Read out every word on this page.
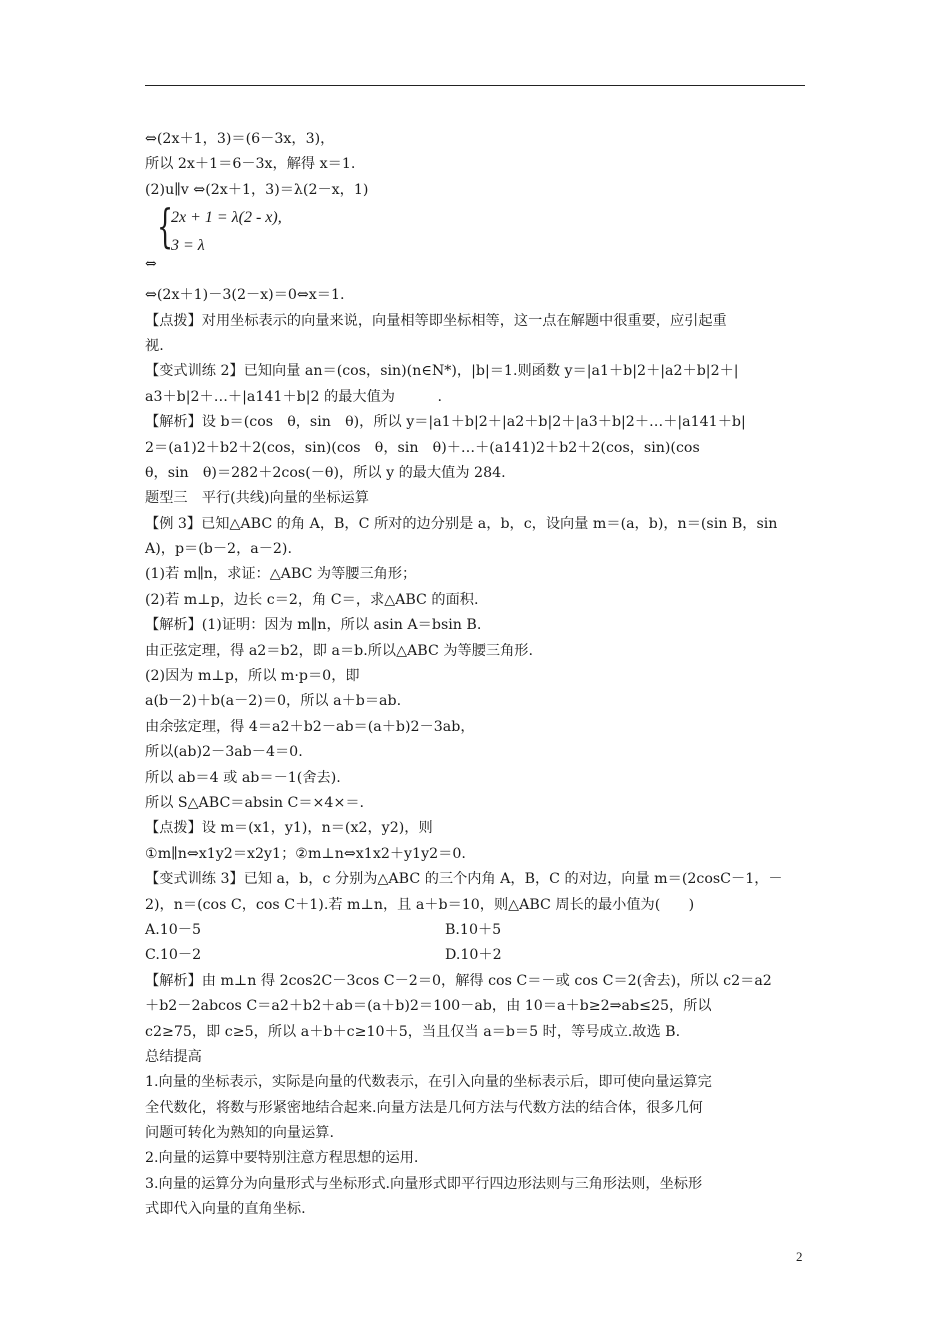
⇔(2x＋1，3)＝(6－3x，3)，

所以 2x＋1＝6－3x，解得 x＝1.

(2)u∥v ⇔(2x＋1，3)＝λ(2－x，1)

{
2x + 1 = λ(2 - x),
3 = λ
⇔

⇔(2x＋1)－3(2－x)＝0⇔x＝1.

【点拨】对用坐标表示的向量来说，向量相等即坐标相等，这一点在解题中很重要，应引起重

视.

【变式训练 2】已知向量 an＝(cos，sin)(n∈N*)，|b|＝1.则函数 y＝|a1＋b|2＋|a2＋b|2＋|

a3＋b|2＋…＋|a141＋b|2 的最大值为　　　.

【解析】设 b＝(cos　θ，sin　θ)，所以 y＝|a1＋b|2＋|a2＋b|2＋|a3＋b|2＋…＋|a141＋b|

2＝(a1)2＋b2＋2(cos，sin)(cos　θ，sin　θ)＋…＋(a141)2＋b2＋2(cos，sin)(cos

θ，sin　θ)＝282＋2cos(－θ)，所以 y 的最大值为 284.

题型三　平行(共线)向量的坐标运算

【例 3】已知△ABC 的角 A，B，C 所对的边分别是 a，b，c，设向量 m＝(a，b)，n＝(sin B，sin

A)，p＝(b－2，a－2).

(1)若 m∥n，求证：△ABC 为等腰三角形；

(2)若 m⊥p，边长 c＝2，角 C＝，求△ABC 的面积.

【解析】(1)证明：因为 m∥n，所以 asin A＝bsin B.

由正弦定理，得 a2＝b2，即 a＝b.所以△ABC 为等腰三角形.

(2)因为 m⊥p，所以 m·p＝0，即

a(b－2)＋b(a－2)＝0，所以 a＋b＝ab.

由余弦定理，得 4＝a2＋b2－ab＝(a＋b)2－3ab，

所以(ab)2－3ab－4＝0.

所以 ab＝4 或 ab＝－1(舍去).

所以 S△ABC＝absin C＝×4×＝.

【点拨】设 m＝(x1，y1)，n＝(x2，y2)，则

①m∥n⇔x1y2＝x2y1；②m⊥n⇔x1x2＋y1y2＝0.

【变式训练 3】已知 a，b，c 分别为△ABC 的三个内角 A，B，C 的对边，向量 m＝(2cosC－1，－

2)，n＝(cos C，cos C＋1).若 m⊥n，且 a＋b＝10，则△ABC 周长的最小值为(　　)

A.10－5	B.10＋5
C.10－2	D.10＋2

【解析】由 m⊥n 得 2cos2C－3cos C－2＝0，解得 cos C＝－或 cos C＝2(舍去)，所以 c2＝a2

＋b2－2abcos C＝a2＋b2＋ab＝(a＋b)2＝100－ab，由 10＝a＋b≥2⇒ab≤25，所以

c2≥75，即 c≥5，所以 a＋b＋c≥10＋5，当且仅当 a＝b＝5 时，等号成立.故选 B.

总结提高

1.向量的坐标表示，实际是向量的代数表示，在引入向量的坐标表示后，即可使向量运算完

全代数化，将数与形紧密地结合起来.向量方法是几何方法与代数方法的结合体，很多几何

问题可转化为熟知的向量运算.

2.向量的运算中要特别注意方程思想的运用.

3.向量的运算分为向量形式与坐标形式.向量形式即平行四边形法则与三角形法则，坐标形

式即代入向量的直角坐标.

2
